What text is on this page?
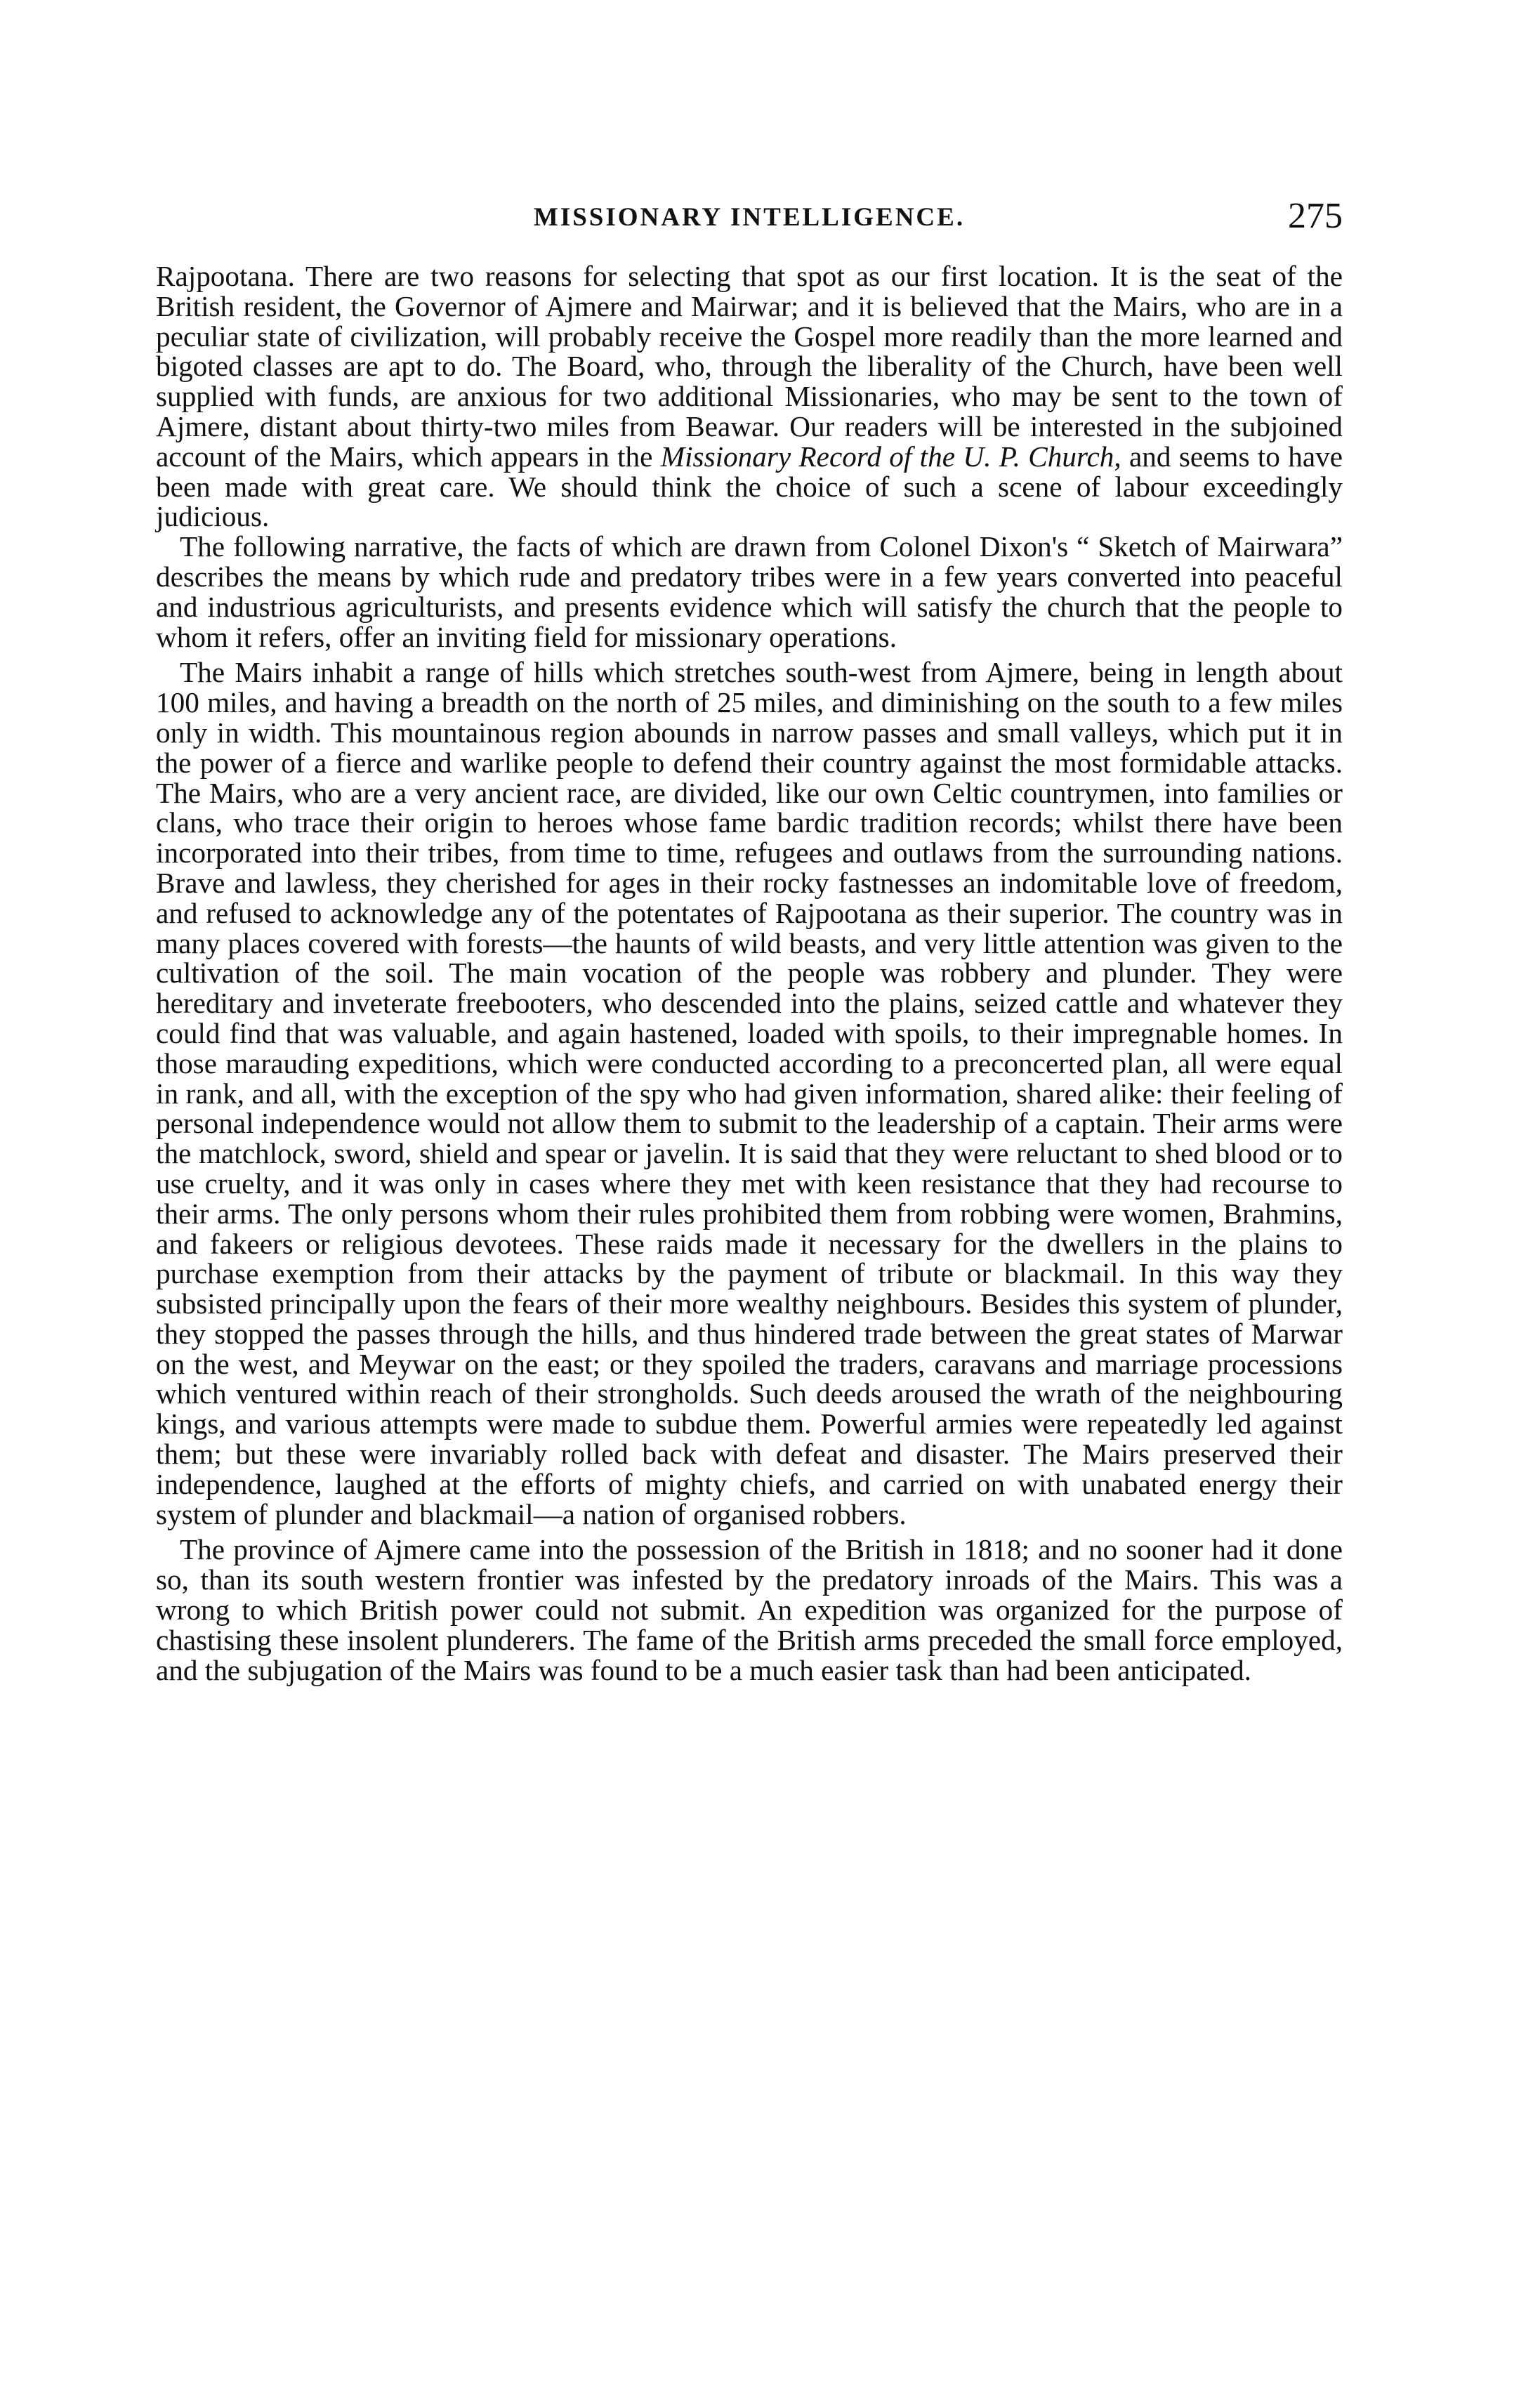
MISSIONARY INTELLIGENCE.	275

Rajpootana. There are two reasons for selecting that spot as our first location. It is the seat of the British resident, the Governor of Ajmere and Mairwar; and it is believed that the Mairs, who are in a peculiar state of civilization, will probably receive the Gospel more readily than the more learned and bigoted classes are apt to do. The Board, who, through the liberality of the Church, have been well supplied with funds, are anxious for two additional Missionaries, who may be sent to the town of Ajmere, distant about thirty-two miles from Beawar. Our readers will be interested in the subjoined account of the Mairs, which appears in the Missionary Record of the U. P. Church, and seems to have been made with great care. We should think the choice of such a scene of labour exceedingly judicious.

The following narrative, the facts of which are drawn from Colonel Dixon's “ Sketch of Mairwara” describes the means by which rude and predatory tribes were in a few years converted into peaceful and industrious agriculturists, and presents evidence which will satisfy the church that the people to whom it refers, offer an inviting field for missionary operations.

The Mairs inhabit a range of hills which stretches south-west from Ajmere, being in length about 100 miles, and having a breadth on the north of 25 miles, and diminishing on the south to a few miles only in width. This mountainous region abounds in narrow passes and small valleys, which put it in the power of a fierce and warlike people to defend their country against the most formidable attacks. The Mairs, who are a very ancient race, are divided, like our own Celtic countrymen, into families or clans, who trace their origin to heroes whose fame bardic tradition records; whilst there have been incorporated into their tribes, from time to time, refugees and outlaws from the surrounding nations. Brave and lawless, they cherished for ages in their rocky fastnesses an indomitable love of freedom, and refused to acknowledge any of the potentates of Rajpootana as their superior. The country was in many places covered with forests—the haunts of wild beasts, and very little attention was given to the cultivation of the soil. The main vocation of the people was robbery and plunder. They were hereditary and inveterate freebooters, who descended into the plains, seized cattle and whatever they could find that was valuable, and again hastened, loaded with spoils, to their impregnable homes. In those marauding expeditions, which were conducted according to a preconcerted plan, all were equal in rank, and all, with the exception of the spy who had given information, shared alike: their feeling of personal independence would not allow them to submit to the leadership of a captain. Their arms were the matchlock, sword, shield and spear or javelin. It is said that they were reluctant to shed blood or to use cruelty, and it was only in cases where they met with keen resistance that they had recourse to their arms. The only persons whom their rules prohibited them from robbing were women, Brahmins, and fakeers or religious devotees. These raids made it necessary for the dwellers in the plains to purchase exemption from their attacks by the payment of tribute or blackmail. In this way they subsisted principally upon the fears of their more wealthy neighbours. Besides this system of plunder, they stopped the passes through the hills, and thus hindered trade between the great states of Marwar on the west, and Meywar on the east; or they spoiled the traders, caravans and marriage processions which ventured within reach of their strongholds. Such deeds aroused the wrath of the neighbouring kings, and various attempts were made to subdue them. Powerful armies were repeatedly led against them; but these were invariably rolled back with defeat and disaster. The Mairs preserved their independence, laughed at the efforts of mighty chiefs, and carried on with unabated energy their system of plunder and blackmail—a nation of organised robbers.

The province of Ajmere came into the possession of the British in 1818; and no sooner had it done so, than its south western frontier was infested by the predatory inroads of the Mairs. This was a wrong to which British power could not submit. An expedition was organized for the purpose of chastising these insolent plunderers. The fame of the British arms preceded the small force employed, and the subjugation of the Mairs was found to be a much easier task than had been anticipated.
